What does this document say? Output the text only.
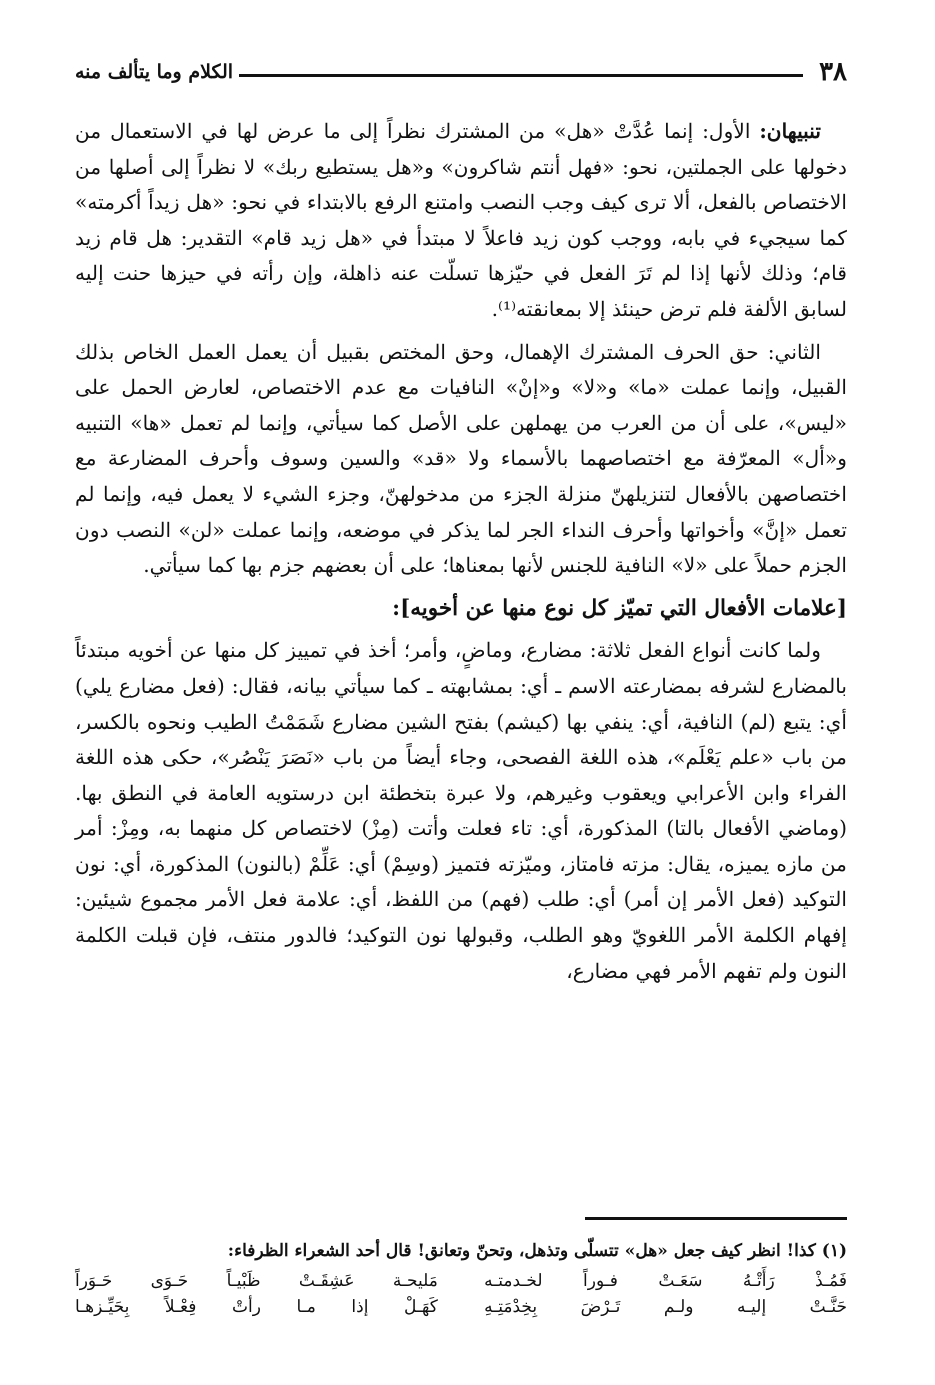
٣٨
الكلام وما يتألف منه

تنبيهان: الأول: إنما عُدَّتْ «هل» من المشترك نظراً إلى ما عرض لها في الاستعمال من دخولها على الجملتين، نحو: «فهل أنتم شاكرون» و«هل يستطيع ربك» لا نظراً إلى أصلها من الاختصاص بالفعل، ألا ترى كيف وجب النصب وامتنع الرفع بالابتداء في نحو: «هل زيداً أكرمته» كما سيجيء في بابه، ووجب كون زيد فاعلاً لا مبتدأ في «هل زيد قام» التقدير: هل قام زيد قام؛ وذلك لأنها إذا لم تَرَ الفعل في حيّزها تسلّت عنه ذاهلة، وإن رأته في حيزها حنت إليه لسابق الألفة فلم ترض حينئذ إلا بمعانقته⁽¹⁾.

الثاني: حق الحرف المشترك الإهمال، وحق المختص بقبيل أن يعمل العمل الخاص بذلك القبيل، وإنما عملت «ما» و«لا» و«إنْ» النافيات مع عدم الاختصاص، لعارض الحمل على «ليس»، على أن من العرب من يهملهن على الأصل كما سيأتي، وإنما لم تعمل «ها» التنبيه و«أل» المعرّفة مع اختصاصهما بالأسماء ولا «قد» والسين وسوف وأحرف المضارعة مع اختصاصهن بالأفعال لتنزيلهنّ منزلة الجزء من مدخولهنّ، وجزء الشيء لا يعمل فيه، وإنما لم تعمل «إنَّ» وأخواتها وأحرف النداء الجر لما يذكر في موضعه، وإنما عملت «لن» النصب دون الجزم حملاً على «لا» النافية للجنس لأنها بمعناها؛ على أن بعضهم جزم بها كما سيأتي.

[علامات الأفعال التي تميّز كل نوع منها عن أخويه]:

ولما كانت أنواع الفعل ثلاثة: مضارع، وماضٍ، وأمر؛ أخذ في تمييز كل منها عن أخويه مبتدئاً بالمضارع لشرفه بمضارعته الاسم ـ أي: بمشابهته ـ كما سيأتي بيانه، فقال: (فعل مضارع يلي) أي: يتبع (لم) النافية، أي: ينفي بها (كيشم) بفتح الشين مضارع شَمَمْتُ الطيب ونحوه بالكسر، من باب «علم يَعْلَم»، هذه اللغة الفصحى، وجاء أيضاً من باب «نَصَرَ يَنْصُر»، حكى هذه اللغة الفراء وابن الأعرابي ويعقوب وغيرهم، ولا عبرة بتخطئة ابن درستويه العامة في النطق بها. (وماضي الأفعال بالتا) المذكورة، أي: تاء فعلت وأتت (مِزْ) لاختصاص كل منهما به، ومِزْ: أمر من مازه يميزه، يقال: مزته فامتاز، وميّزته فتميز (وسِمْ) أي: عَلِّمْ (بالنون) المذكورة، أي: نون التوكيد (فعل الأمر إن أمر) أي: طلب (فهم) من اللفظ، أي: علامة فعل الأمر مجموع شيئين: إفهام الكلمة الأمر اللغويّ وهو الطلب، وقبولها نون التوكيد؛ فالدور منتف، فإن قبلت الكلمة النون ولم تفهم الأمر فهي مضارع،

(١) كذا! انظر كيف جعل «هل» تتسلّى وتذهل، وتحنّ وتعانق! قال أحد الشعراء الظرفاء:

فَمُـذْ رَأَتْـهُ سَعَـتْ فـوراً لخـدمتـه
مَليحـة عَشِقَـتْ ظَبْيـاً حَـوَى حَـوَراً
حَنَّـتْ إليـه ولـم تَـرْضَ بِخِدْمَتِـهِ
كَهَـلْ إذا مـا رأتْ فِعْـلاً بِحَيِّـزهـا
